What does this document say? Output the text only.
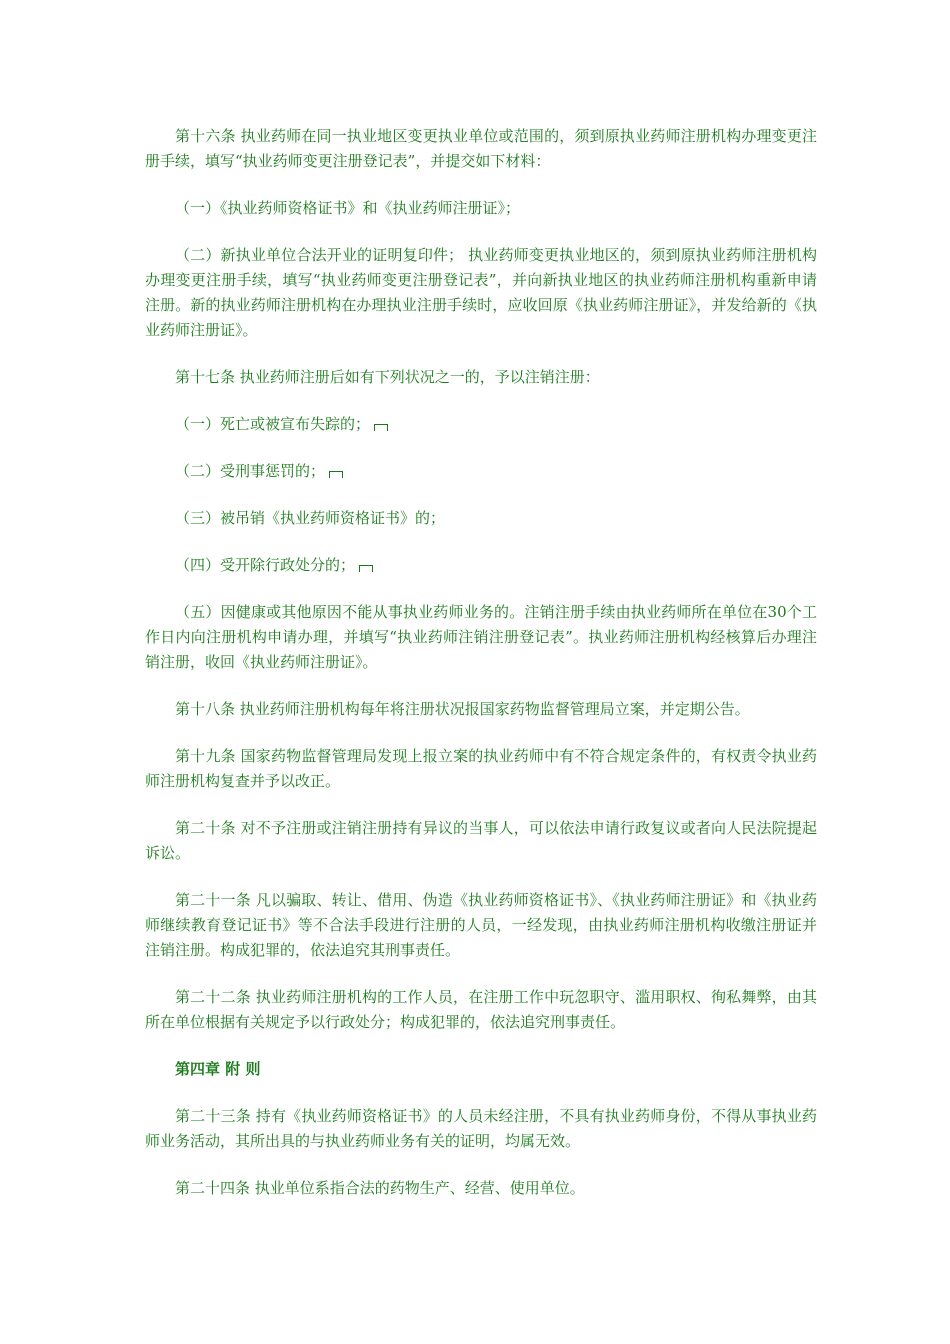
第十六条 执业药师在同一执业地区变更执业单位或范围的，须到原执业药师注册机构办理变更注册手续，填写“执业药师变更注册登记表”，并提交如下材料：

（一）《执业药师资格证书》和《执业药师注册证》；

（二）新执业单位合法开业的证明复印件； 执业药师变更执业地区的，须到原执业药师注册机构办理变更注册手续，填写“执业药师变更注册登记表”，并向新执业地区的执业药师注册机构重新申请注册。新的执业药师注册机构在办理执业注册手续时，应收回原《执业药师注册证》，并发给新的《执业药师注册证》。

第十七条 执业药师注册后如有下列状况之一的，予以注销注册：

（一）死亡或被宣布失踪的；

（二）受刑事惩罚的；

（三）被吊销《执业药师资格证书》的；

（四）受开除行政处分的；

（五）因健康或其他原因不能从事执业药师业务的。注销注册手续由执业药师所在单位在30个工作日内向注册机构申请办理，并填写“执业药师注销注册登记表”。执业药师注册机构经核算后办理注销注册，收回《执业药师注册证》。

第十八条 执业药师注册机构每年将注册状况报国家药物监督管理局立案，并定期公告。

第十九条 国家药物监督管理局发现上报立案的执业药师中有不符合规定条件的，有权责令执业药师注册机构复查并予以改正。

第二十条 对不予注册或注销注册持有异议的当事人，可以依法申请行政复议或者向人民法院提起诉讼。

第二十一条 凡以骗取、转让、借用、伪造《执业药师资格证书》、《执业药师注册证》和《执业药师继续教育登记证书》等不合法手段进行注册的人员，一经发现，由执业药师注册机构收缴注册证并注销注册。构成犯罪的，依法追究其刑事责任。

第二十二条 执业药师注册机构的工作人员，在注册工作中玩忽职守、滥用职权、徇私舞弊，由其所在单位根据有关规定予以行政处分；构成犯罪的，依法追究刑事责任。

第四章 附 则

第二十三条 持有《执业药师资格证书》的人员未经注册，不具有执业药师身份，不得从事执业药师业务活动，其所出具的与执业药师业务有关的证明，均属无效。

第二十四条 执业单位系指合法的药物生产、经营、使用单位。
